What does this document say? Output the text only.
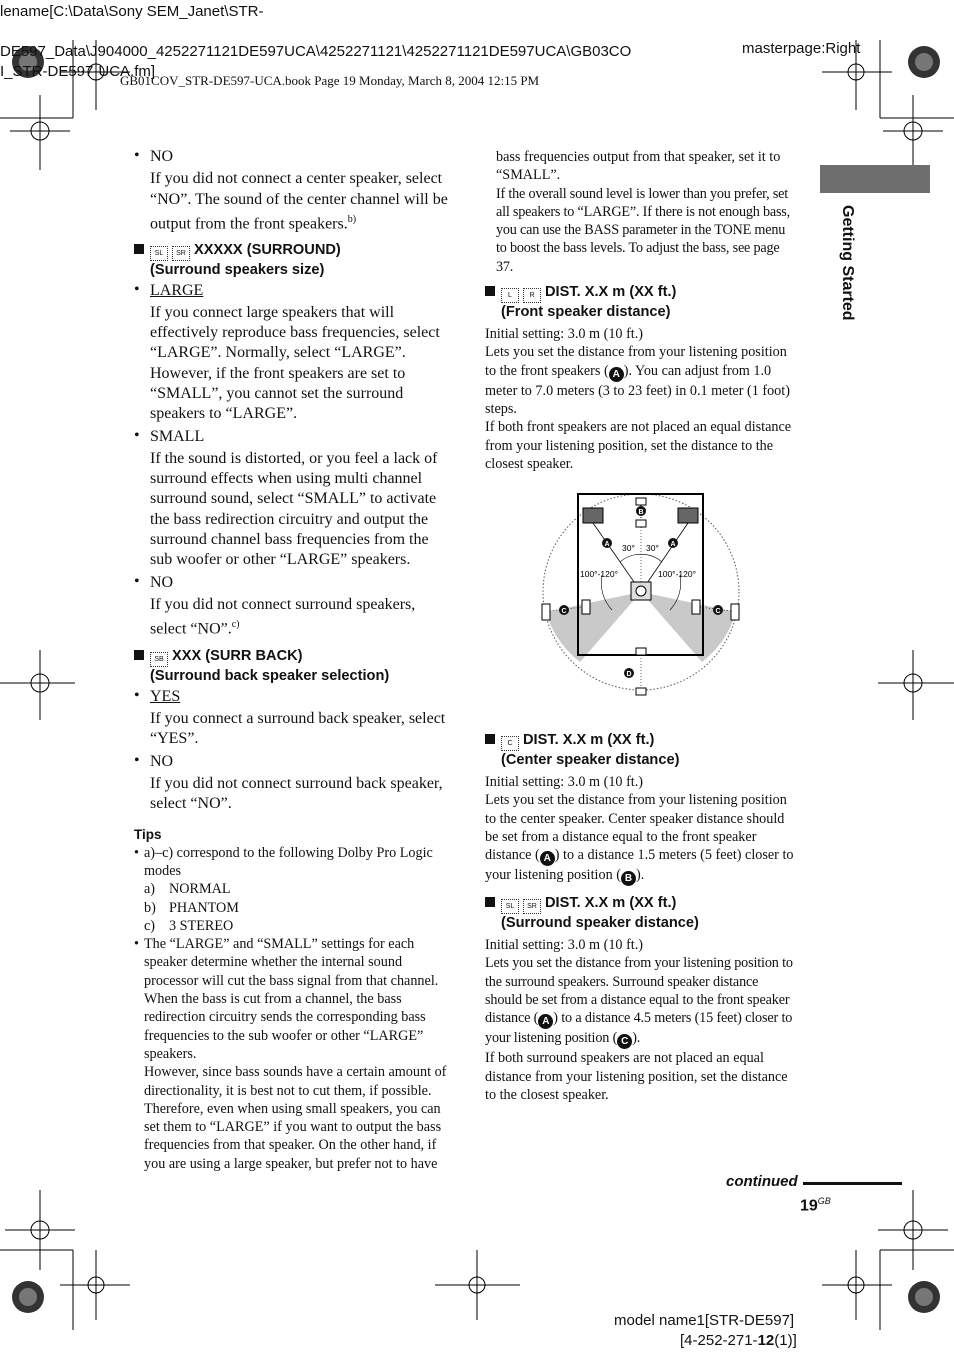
lename[C:\Data\Sony SEM_Janet\STR-
DE597_Data\J904000_4252271121DE597UCA\4252271121\4252271121DE597UCA\GB03CO
I_STR-DE597-UCA.fm]
masterpage:Right
GB01COV_STR-DE597-UCA.book Page 19 Monday, March 8, 2004 12:15 PM
Getting Started
• NO
If you did not connect a center speaker, select “NO”. The sound of the center channel will be output from the front speakers.$^{b)}$
SL SR XXXXX (SURROUND)
(Surround speakers size)
• LARGE
If you connect large speakers that will effectively reproduce bass frequencies, select “LARGE”. Normally, select “LARGE”. However, if the front speakers are set to “SMALL”, you cannot set the surround speakers to “LARGE”.
• SMALL
If the sound is distorted, or you feel a lack of surround effects when using multi channel surround sound, select “SMALL” to activate the bass redirection circuitry and output the surround channel bass frequencies from the sub woofer or other “LARGE” speakers.
• NO
If you did not connect surround speakers, select “NO”.$^{c)}$
SB XXX (SURR BACK)
(Surround back speaker selection)
• YES
If you connect a surround back speaker, select “YES”.
• NO
If you did not connect surround back speaker, select “NO”.
Tips
• a)–c) correspond to the following Dolby Pro Logic modes
a) NORMAL
b) PHANTOM
c) 3 STEREO
• The “LARGE” and “SMALL” settings for each speaker determine whether the internal sound processor will cut the bass signal from that channel. When the bass is cut from a channel, the bass redirection circuitry sends the corresponding bass frequencies to the sub woofer or other “LARGE” speakers.
However, since bass sounds have a certain amount of directionality, it is best not to cut them, if possible. Therefore, even when using small speakers, you can set them to “LARGE” if you want to output the bass frequencies from that speaker. On the other hand, if you are using a large speaker, but prefer not to have
bass frequencies output from that speaker, set it to “SMALL”.
If the overall sound level is lower than you prefer, set all speakers to “LARGE”. If there is not enough bass, you can use the BASS parameter in the TONE menu to boost the bass levels. To adjust the bass, see page 37.
L	R DIST. X.X m (XX ft.)
(Front speaker distance)
Initial setting: 3.0 m (10 ft.)
Lets you set the distance from your listening position to the front speakers ( A ). You can adjust from 1.0 meter to 7.0 meters (3 to 23 feet) in 0.1 meter (1 foot) steps.
If both front speakers are not placed an equal distance from your listening position, set the distance to the closest speaker.
B
A	A
C	C
D
30° 30°
100°-120°	100°-120°
C DIST. X.X m (XX ft.)
(Center speaker distance)
Initial setting: 3.0 m (10 ft.)
Lets you set the distance from your listening position to the center speaker. Center speaker distance should be set from a distance equal to the front speaker distance ( A ) to a distance 1.5 meters (5 feet) closer to your listening position ( B ).
SL SR DIST. X.X m (XX ft.)
(Surround speaker distance)
Initial setting: 3.0 m (10 ft.)
Lets you set the distance from your listening position to the surround speakers. Surround speaker distance should be set from a distance equal to the front speaker distance ( A ) to a distance 4.5 meters (15 feet) closer to your listening position ( C ).
If both surround speakers are not placed an equal distance from your listening position, set the distance to the closest speaker.
continued
$19^{GB}$
model name1[STR-DE597]
[4-252-271-12(1)]
